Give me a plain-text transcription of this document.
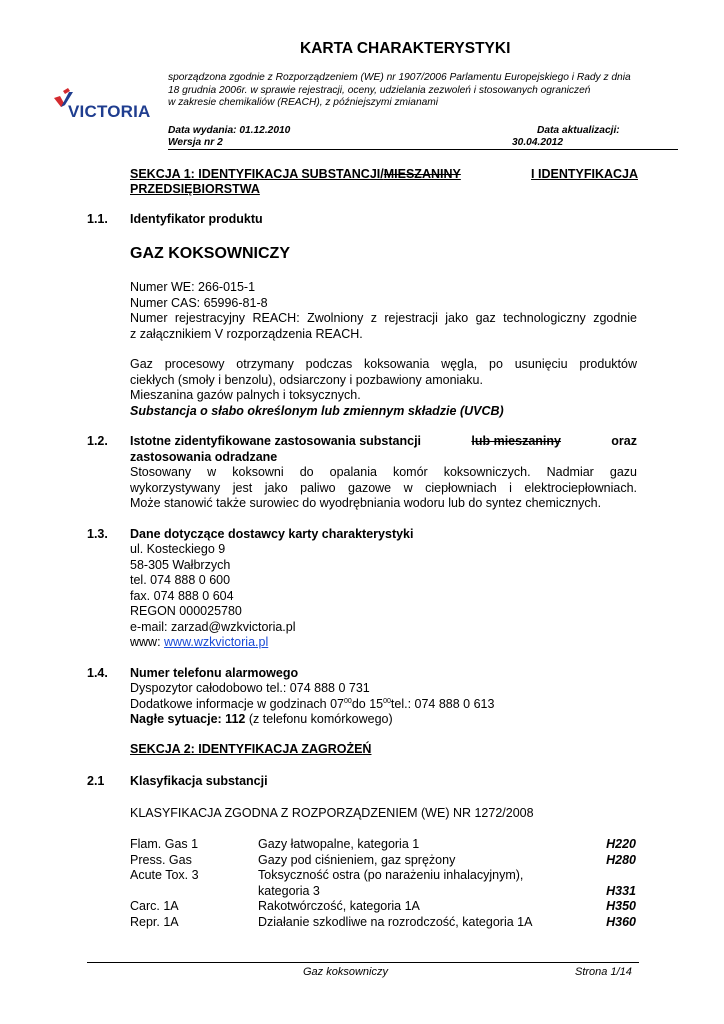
KARTA CHARAKTERYSTYKI
VICTORIA
sporządzona zgodnie z Rozporządzeniem (WE) nr 1907/2006 Parlamentu Europejskiego i Rady z dnia
18 grudnia 2006r. w sprawie rejestracji, oceny, udzielania zezwoleń i stosowanych ograniczeń
w zakresie chemikaliów (REACH), z późniejszymi zmianami
Data wydania: 01.12.2010
Wersja nr 2
Data aktualizacji:
30.04.2012
SEKCJA 1: IDENTYFIKACJA SUBSTANCJI/MIESZANINY	I IDENTYFIKACJA
PRZEDSIĘBIORSTWA
1.1. Identyfikator produktu
GAZ KOKSOWNICZY
Numer WE: 266-015-1
Numer CAS: 65996-81-8
Numer rejestracyjny REACH: Zwolniony z rejestracji jako gaz technologiczny zgodnie
z załącznikiem V rozporządzenia REACH.
Gaz procesowy otrzymany podczas koksowania węgla, po usunięciu produktów
ciekłych (smoły i benzolu), odsiarczony i pozbawiony amoniaku.
Mieszanina gazów palnych i toksycznych.
Substancja o słabo określonym lub zmiennym składzie (UVCB)
1.2. Istotne zidentyfikowane zastosowania substancji	lub mieszaniny	oraz
zastosowania odradzane
Stosowany w koksowni do opalania komór koksowniczych. Nadmiar gazu
wykorzystywany jest jako paliwo gazowe w ciepłowniach i elektrociepłowniach.
Może stanowić także surowiec do wyodrębniania wodoru lub do syntez chemicznych.
1.3. Dane dotyczące dostawcy karty charakterystyki
ul. Kosteckiego 9
58-305 Wałbrzych
tel. 074 888 0 600
fax. 074 888 0 604
REGON 000025780
e-mail: zarzad@wzkvictoria.pl
www: www.wzkvictoria.pl
1.4. Numer telefonu alarmowego
Dyspozytor całodobowo tel.: 074 888 0 731
Dodatkowe informacje w godzinach $07^{00}do$ $15^{00}tel$.: 074 888 0 613
Nagłe sytuacje: 112 (z telefonu komórkowego)
SEKCJA 2: IDENTYFIKACJA ZAGROŻEŃ
2.1 Klasyfikacja substancji
KLASYFIKACJA ZGODNA Z ROZPORZĄDZENIEM (WE) NR 1272/2008
Flam. Gas 1	Gazy łatwopalne, kategoria 1	H220
Press. Gas	Gazy pod ciśnieniem, gaz sprężony	H280
Acute Tox. 3	Toksyczność ostra (po narażeniu inhalacyjnym),
kategoria 3	H331
Carc. 1A	Rakotwórczość, kategoria 1A	H350
Repr. 1A	Działanie szkodliwe na rozrodczość, kategoria 1A	H360
Gaz koksowniczy	Strona 1/14
